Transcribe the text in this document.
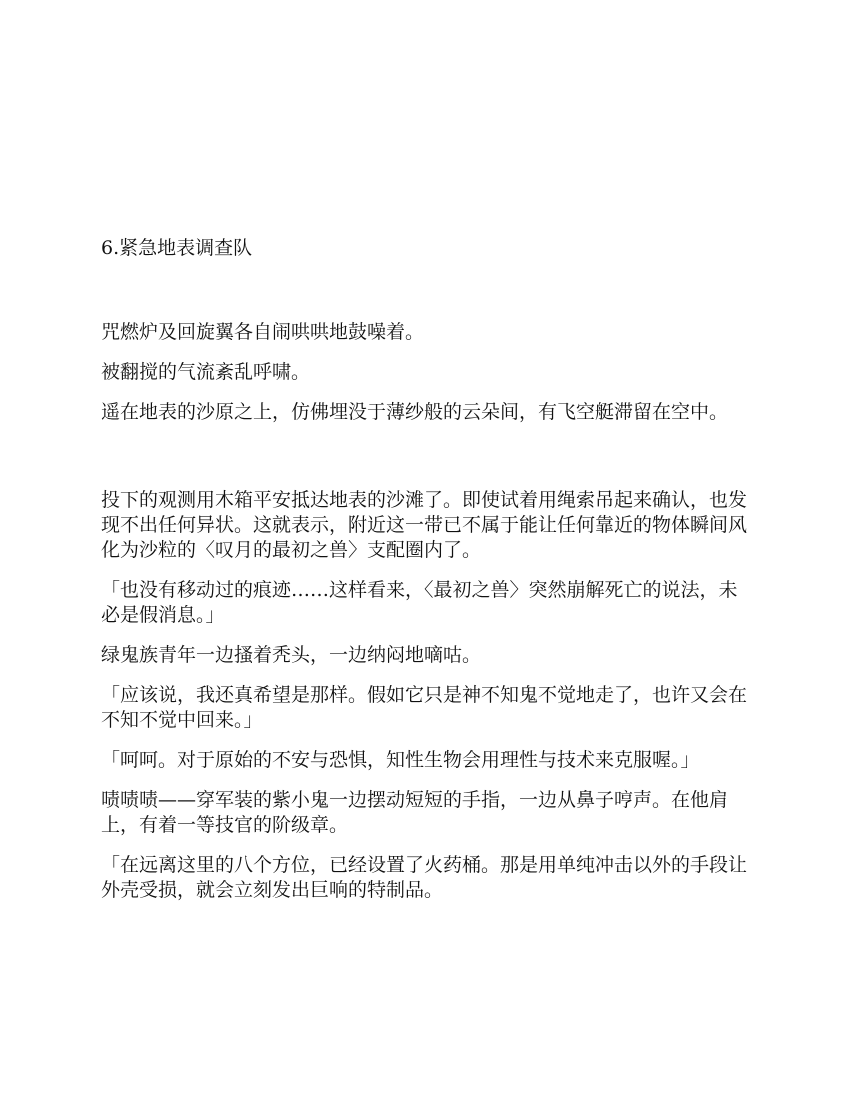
6.紧急地表调查队

咒燃炉及回旋翼各自闹哄哄地鼓噪着。

被翻搅的气流紊乱呼啸。

遥在地表的沙原之上，仿佛埋没于薄纱般的云朵间，有飞空艇滞留在空中。

投下的观测用木箱平安抵达地表的沙滩了。即使试着用绳索吊起来确认，也发现不出任何异状。这就表示，附近这一带已不属于能让任何靠近的物体瞬间风化为沙粒的〈叹月的最初之兽〉支配圈内了。

「也没有移动过的痕迹……这样看来，〈最初之兽〉突然崩解死亡的说法，未必是假消息。」

绿鬼族青年一边搔着秃头，一边纳闷地嘀咕。

「应该说，我还真希望是那样。假如它只是神不知鬼不觉地走了，也许又会在不知不觉中回来。」

「呵呵。对于原始的不安与恐惧，知性生物会用理性与技术来克服喔。」

啧啧啧——穿军装的紫小鬼一边摆动短短的手指，一边从鼻子哼声。在他肩上，有着一等技官的阶级章。

「在远离这里的八个方位，已经设置了火药桶。那是用单纯冲击以外的手段让外壳受损，就会立刻发出巨响的特制品。
